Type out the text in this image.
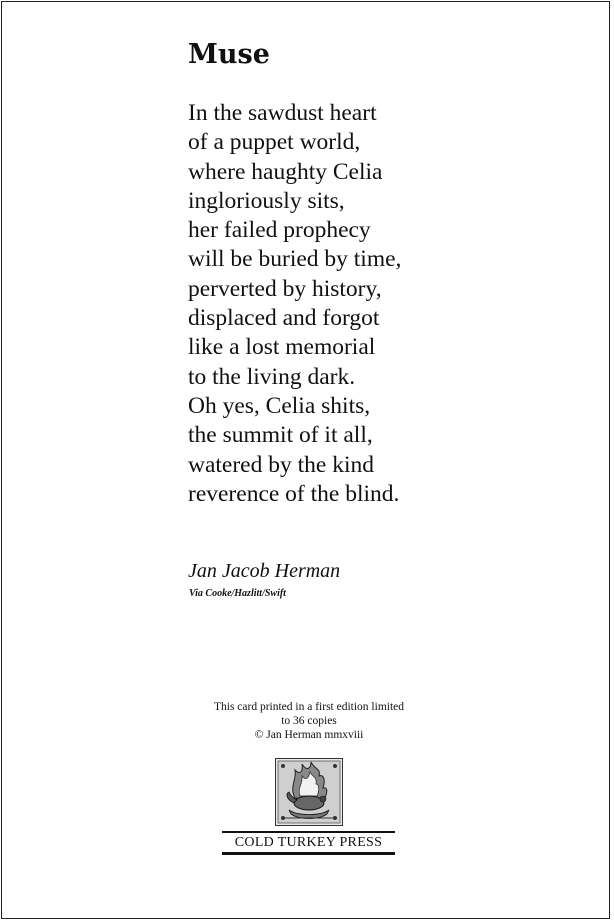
Muse
In the sawdust heart
of a puppet world,
where haughty Celia
ingloriously sits,
her failed prophecy
will be buried by time,
perverted by history,
displaced and forgot
like a lost memorial
to the living dark.
Oh yes, Celia shits,
the summit of it all,
watered by the kind
reverence of the blind.
Jan Jacob Herman
Via Cooke/Hazlitt/Swift
This card printed in a first edition limited
to 36 copies
© Jan Herman mmxviii
COLD TURKEY PRESS
